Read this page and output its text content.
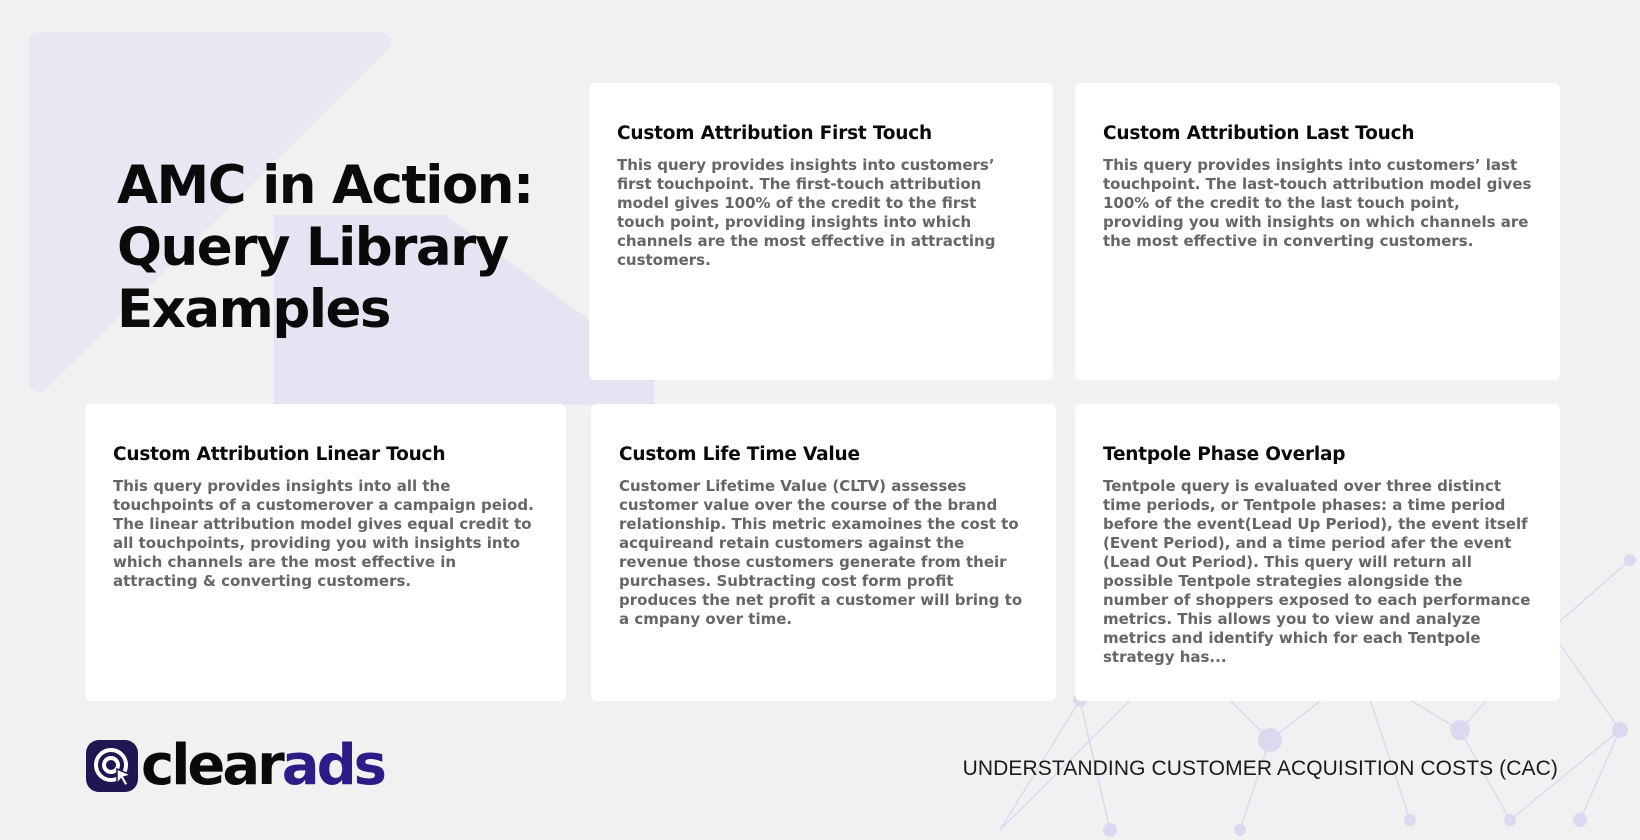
AMC in Action:
Query Library
Examples
Custom Attribution First Touch

This query provides insights into customers’ first touchpoint. The first-touch attribution model gives 100% of the credit to the first touch point, providing insights into which channels are the most effective in attracting customers.

Custom Attribution Last Touch

This query provides insights into customers’ last touchpoint. The last-touch attribution model gives 100% of the credit to the last touch point, providing you with insights on which channels are the most effective in converting customers.

Custom Attribution Linear Touch

This query provides insights into all the touchpoints of a customerover a campaign peiod. The linear attribution model gives equal credit to all touchpoints, providing you with insights into which channels are the most effective in attracting & converting customers.

Custom Life Time Value

Customer Lifetime Value (CLTV) assesses customer value over the course of the brand relationship. This metric examoines the cost to acquireand retain customers against the revenue those customers generate from their purchases. Subtracting cost form profit produces the net profit a customer will bring to a cmpany over time.

Tentpole Phase Overlap

Tentpole query is evaluated over three distinct time periods, or Tentpole phases: a time period before the event(Lead Up Period), the event itself (Event Period), and a time period afer the event (Lead Out Period). This query will return all possible Tentpole strategies alongside the number of shoppers exposed to each performance metrics. This allows you to view and analyze metrics and identify which for each Tentpole strategy has...

clearads	UNDERSTANDING CUSTOMER ACQUISITION COSTS (CAC)
